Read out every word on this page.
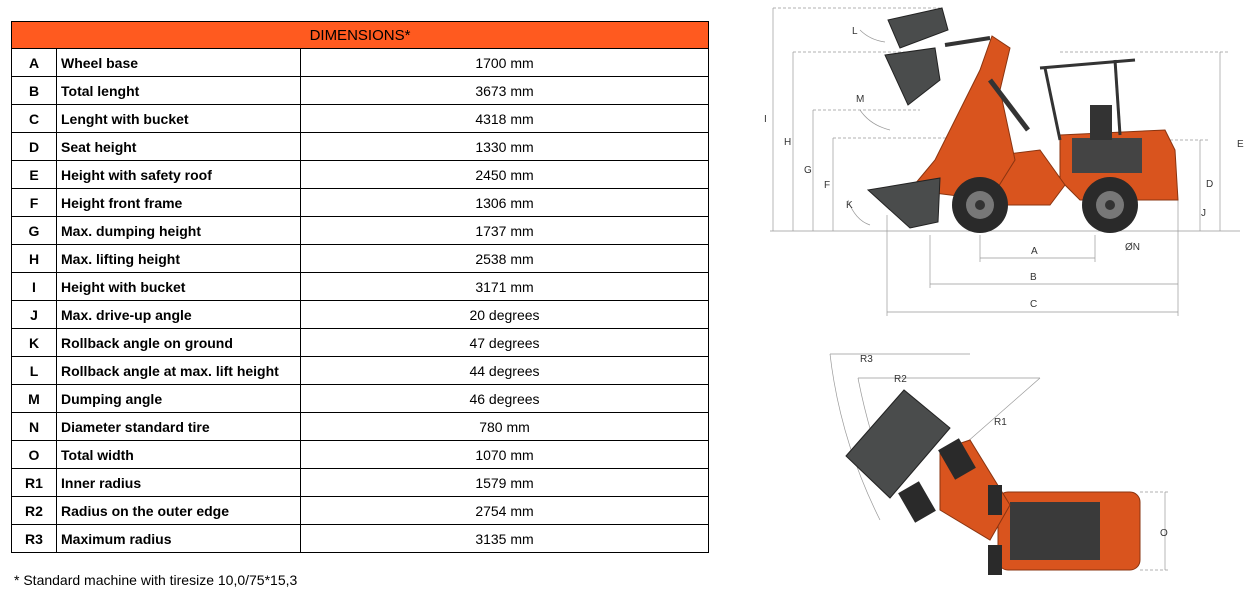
DIMENSIONS*		
A	Wheel base	1700 mm
B	Total lenght	3673 mm
C	Lenght with bucket	4318 mm
D	Seat height	1330 mm
E	Height with safety roof	2450 mm
F	Height front frame	1306 mm
G	Max. dumping height	1737 mm
H	Max. lifting height	2538 mm
I	Height with bucket	3171 mm
J	Max. drive-up angle	20 degrees
K	Rollback angle on ground	47 degrees
L	Rollback angle at max. lift height	44 degrees
M	Dumping angle	46 degrees
N	Diameter standard tire	780 mm
O	Total width	1070 mm
R1	Inner radius	1579 mm
R2	Radius on the outer edge	2754 mm
R3	Maximum radius	3135 mm
* Standard machine with tiresize 10,0/75*15,3
L
M
I
H
G
F
K
E
D
J
A
B
C
ØN
R3
R2
R1
O
